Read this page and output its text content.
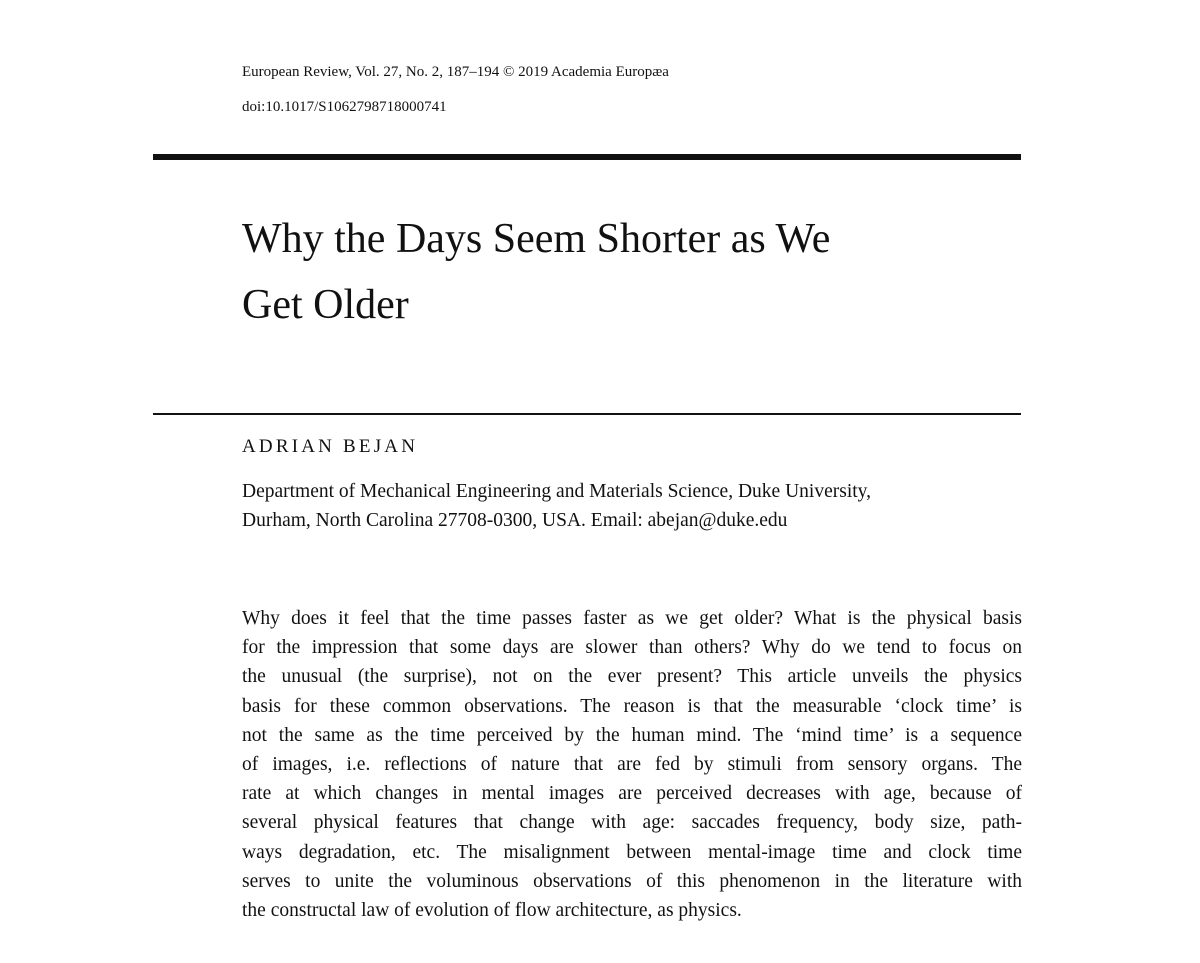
European Review, Vol. 27, No. 2, 187–194 © 2019 Academia Europæa
doi:10.1017/S1062798718000741
Why the Days Seem Shorter as We
Get Older
ADRIAN BEJAN
Department of Mechanical Engineering and Materials Science, Duke University,
Durham, North Carolina 27708-0300, USA. Email: abejan@duke.edu
Why does it feel that the time passes faster as we get older? What is the physical basis
for the impression that some days are slower than others? Why do we tend to focus on
the unusual (the surprise), not on the ever present? This article unveils the physics
basis for these common observations. The reason is that the measurable ‘clock time’ is
not the same as the time perceived by the human mind. The ‘mind time’ is a sequence
of images, i.e. reflections of nature that are fed by stimuli from sensory organs. The
rate at which changes in mental images are perceived decreases with age, because of
several physical features that change with age: saccades frequency, body size, path-
ways degradation, etc. The misalignment between mental-image time and clock time
serves to unite the voluminous observations of this phenomenon in the literature with
the constructal law of evolution of flow architecture, as physics.
